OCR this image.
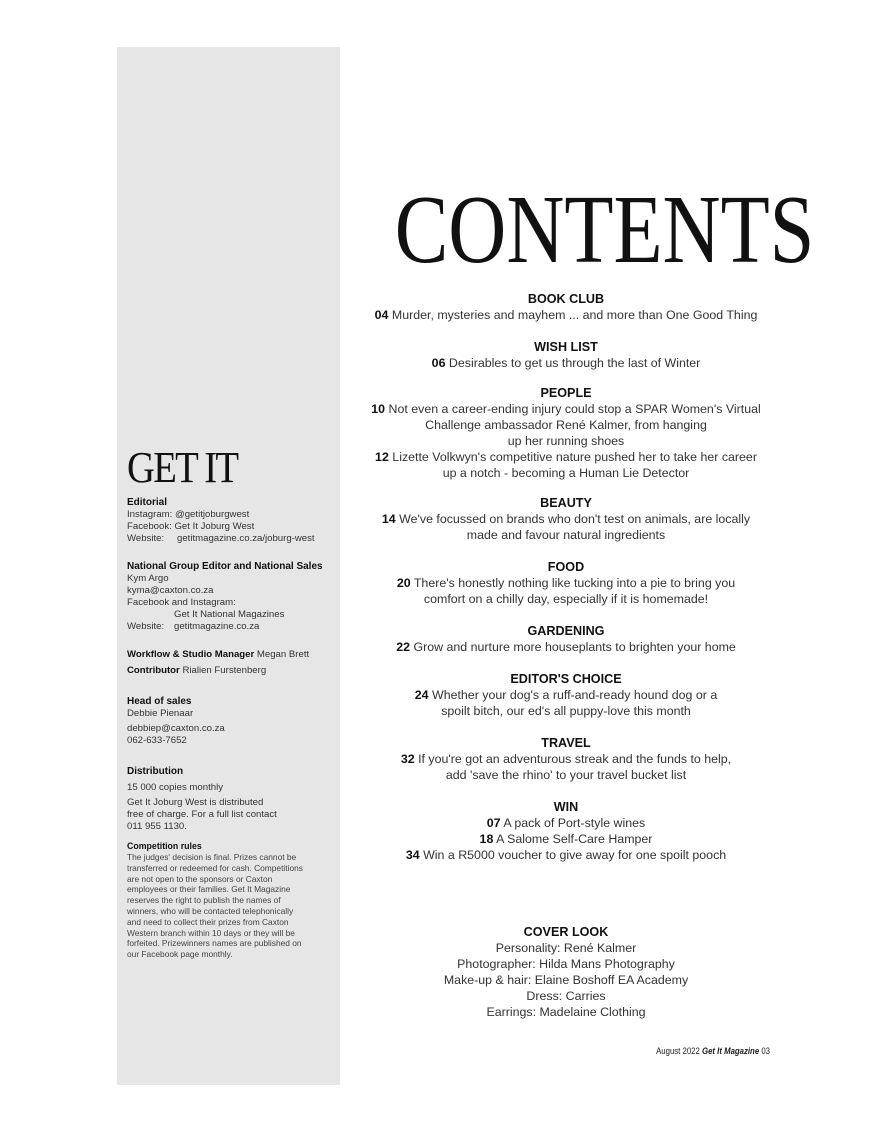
GET IT
Editorial
Instagram: @getitjoburgwest
Facebook: Get It Joburg West
Website: getitmagazine.co.za/joburg-west
National Group Editor and National Sales
Kym Argo
kyma@caxton.co.za
Facebook and Instagram:
Get It National Magazines
Website: getitmagazine.co.za
Workflow & Studio Manager Megan Brett
Contributor Rialien Furstenberg
Head of sales
Debbie Pienaar
debbiep@caxton.co.za
062-633-7652
Distribution
15 000 copies monthly
Get It Joburg West is distributed
free of charge. For a full list contact
011 955 1130.
Competition rules
The judges' decision is final. Prizes cannot be
transferred or redeemed for cash. Competitions
are not open to the sponsors or Caxton
employees or their families. Get It Magazine
reserves the right to publish the names of
winners, who will be contacted telephonically
and need to collect their prizes from Caxton
Western branch within 10 days or they will be
forfeited. Prizewinners names are published on
our Facebook page monthly.
CONTENTS
BOOK CLUB
04 Murder, mysteries and mayhem ... and more than One Good Thing
WISH LIST
06 Desirables to get us through the last of Winter
PEOPLE
10 Not even a career-ending injury could stop a SPAR Women's Virtual
Challenge ambassador René Kalmer, from hanging
up her running shoes
12 Lizette Volkwyn's competitive nature pushed her to take her career
up a notch - becoming a Human Lie Detector
BEAUTY
14 We've focussed on brands who don't test on animals, are locally
made and favour natural ingredients
FOOD
20 There's honestly nothing like tucking into a pie to bring you
comfort on a chilly day, especially if it is homemade!
GARDENING
22 Grow and nurture more houseplants to brighten your home
EDITOR'S CHOICE
24 Whether your dog's a ruff-and-ready hound dog or a
spoilt bitch, our ed's all puppy-love this month
TRAVEL
32 If you're got an adventurous streak and the funds to help,
add 'save the rhino' to your travel bucket list
WIN
07 A pack of Port-style wines
18 A Salome Self-Care Hamper
34 Win a R5000 voucher to give away for one spoilt pooch
COVER LOOK
Personality: René Kalmer
Photographer: Hilda Mans Photography
Make-up & hair: Elaine Boshoff EA Academy
Dress: Carries
Earrings: Madelaine Clothing
August 2022 Get It Magazine 03
